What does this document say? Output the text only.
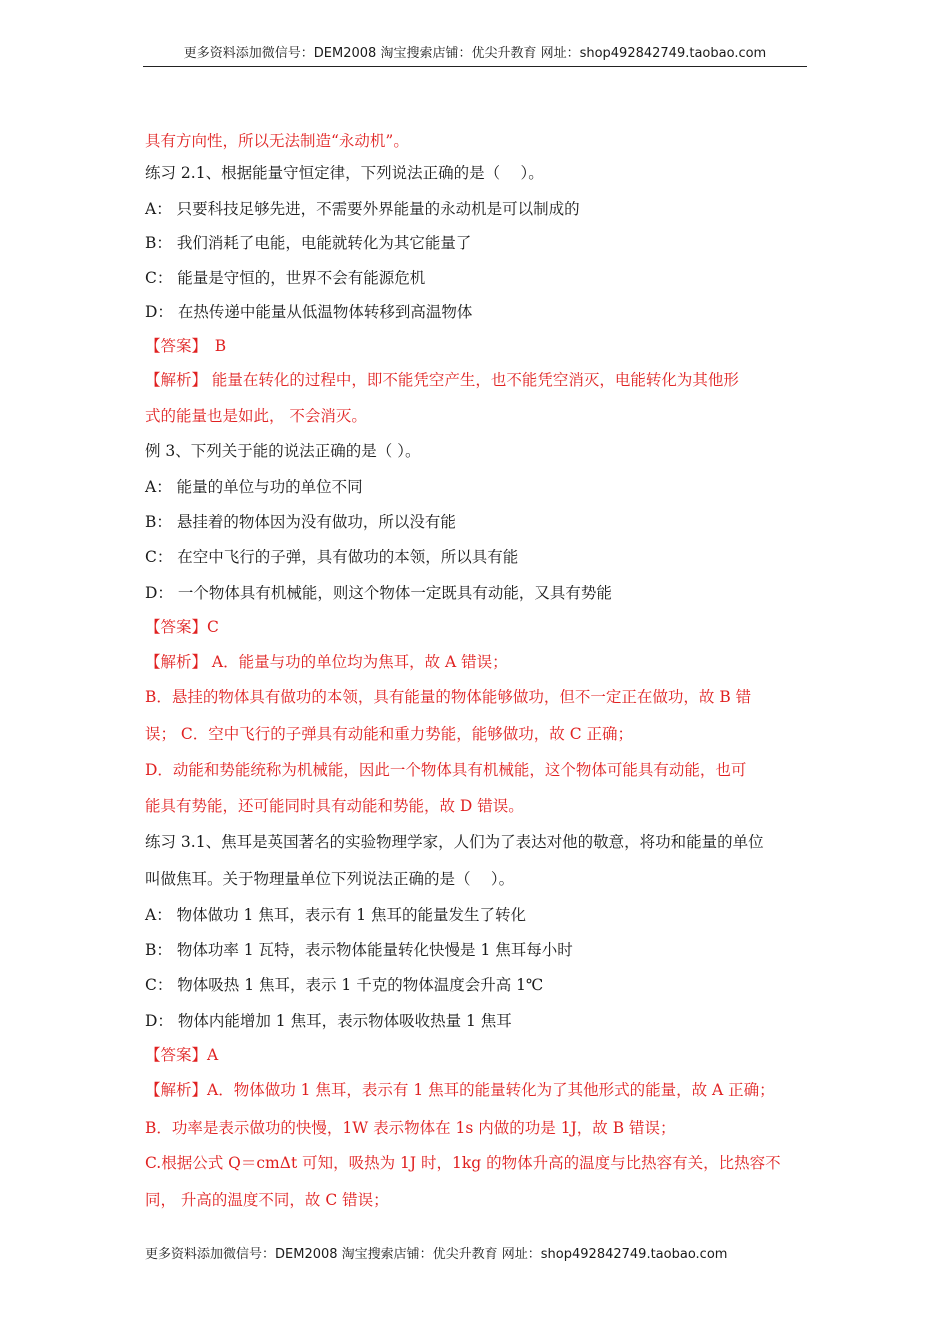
更多资料添加微信号：DEM2008 淘宝搜索店铺：优尖升教育 网址：shop492842749.taobao.com
具有方向性，所以无法制造“永动机”。
练习 2.1、根据能量守恒定律，下列说法正确的是（　 ）。
A： 只要科技足够先进，不需要外界能量的永动机是可以制成的
B： 我们消耗了电能，电能就转化为其它能量了
C： 能量是守恒的，世界不会有能源危机
D： 在热传递中能量从低温物体转移到高温物体
【答案】　B
【解析】 能量在转化的过程中，即不能凭空产生，也不能凭空消灭，电能转化为其他形
式的能量也是如此， 不会消灭。
例 3、下列关于能的说法正确的是（ ）。
A： 能量的单位与功的单位不同
B： 悬挂着的物体因为没有做功，所以没有能
C： 在空中飞行的子弹，具有做功的本领，所以具有能
D： 一个物体具有机械能，则这个物体一定既具有动能，又具有势能
【答案】C
【解析】 A．能量与功的单位均为焦耳，故 A 错误；
B．悬挂的物体具有做功的本领，具有能量的物体能够做功，但不一定正在做功，故 B 错
误； C．空中飞行的子弹具有动能和重力势能，能够做功，故 C 正确；
D．动能和势能统称为机械能，因此一个物体具有机械能，这个物体可能具有动能，也可
能具有势能，还可能同时具有动能和势能，故 D 错误。
练习 3.1、焦耳是英国著名的实验物理学家，人们为了表达对他的敬意，将功和能量的单位
叫做焦耳。关于物理量单位下列说法正确的是（　 ）。
A： 物体做功 1 焦耳，表示有 1 焦耳的能量发生了转化
B： 物体功率 1 瓦特，表示物体能量转化快慢是 1 焦耳每小时
C： 物体吸热 1 焦耳，表示 1 千克的物体温度会升高 1℃
D： 物体内能增加 1 焦耳，表示物体吸收热量 1 焦耳
【答案】A
【解析】A．物体做功 1 焦耳，表示有 1 焦耳的能量转化为了其他形式的能量，故 A 正确；
B．功率是表示做功的快慢，1W 表示物体在 1s 内做的功是 1J，故 B 错误；
C.根据公式 Q＝cmΔt 可知，吸热为 1J 时，1kg 的物体升高的温度与比热容有关，比热容不
同， 升高的温度不同，故 C 错误；
更多资料添加微信号：DEM2008 淘宝搜索店铺：优尖升教育 网址：shop492842749.taobao.com
